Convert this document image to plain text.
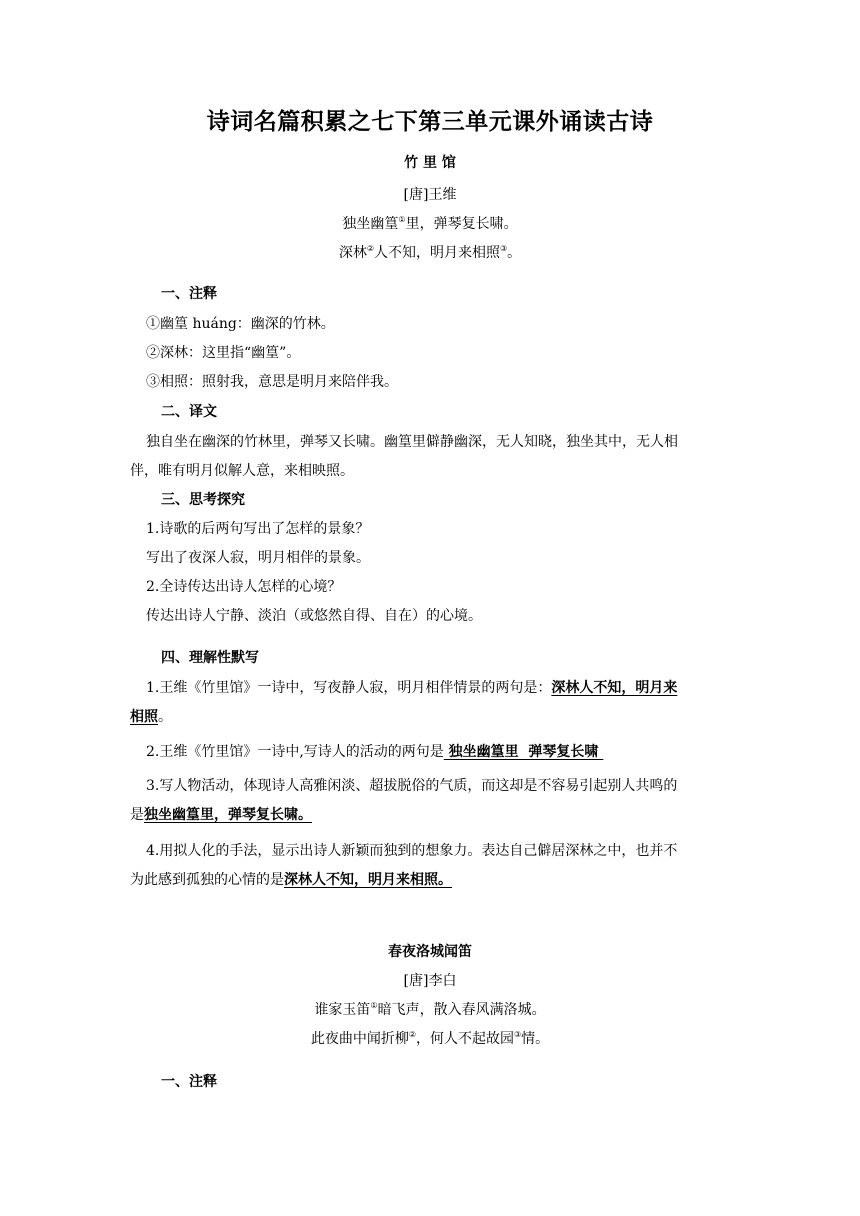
诗词名篇积累之七下第三单元课外诵读古诗
竹 里 馆
[唐]王维
独坐幽篁①里，弹琴复长啸。
深林②人不知，明月来相照③。
一、注释
①幽篁 huáng：幽深的竹林。
②深林：这里指“幽篁”。
③相照：照射我，意思是明月来陪伴我。
二、译文
独自坐在幽深的竹林里，弹琴又长啸。幽篁里僻静幽深，无人知晓，独坐其中，无人相
伴，唯有明月似解人意，来相映照。
三、思考探究
1.诗歌的后两句写出了怎样的景象？
写出了夜深人寂，明月相伴的景象。
2.全诗传达出诗人怎样的心境？
传达出诗人宁静、淡泊（或悠然自得、自在）的心境。
四、理解性默写
1.王维《竹里馆》一诗中，写夜静人寂，明月相伴情景的两句是：深林人不知，明月来
相照。
2.王维《竹里馆》一诗中,写诗人的活动的两句是 独坐幽篁里  弹琴复长啸
3.写人物活动，体现诗人高雅闲淡、超拔脱俗的气质，而这却是不容易引起别人共鸣的
是独坐幽篁里，弹琴复长啸。
4.用拟人化的手法，显示出诗人新颖而独到的想象力。表达自己僻居深林之中，也并不
为此感到孤独的心情的是深林人不知，明月来相照。
春夜洛城闻笛
[唐]李白
谁家玉笛①暗飞声，散入春风满洛城。
此夜曲中闻折柳②，何人不起故园③情。
一、注释
